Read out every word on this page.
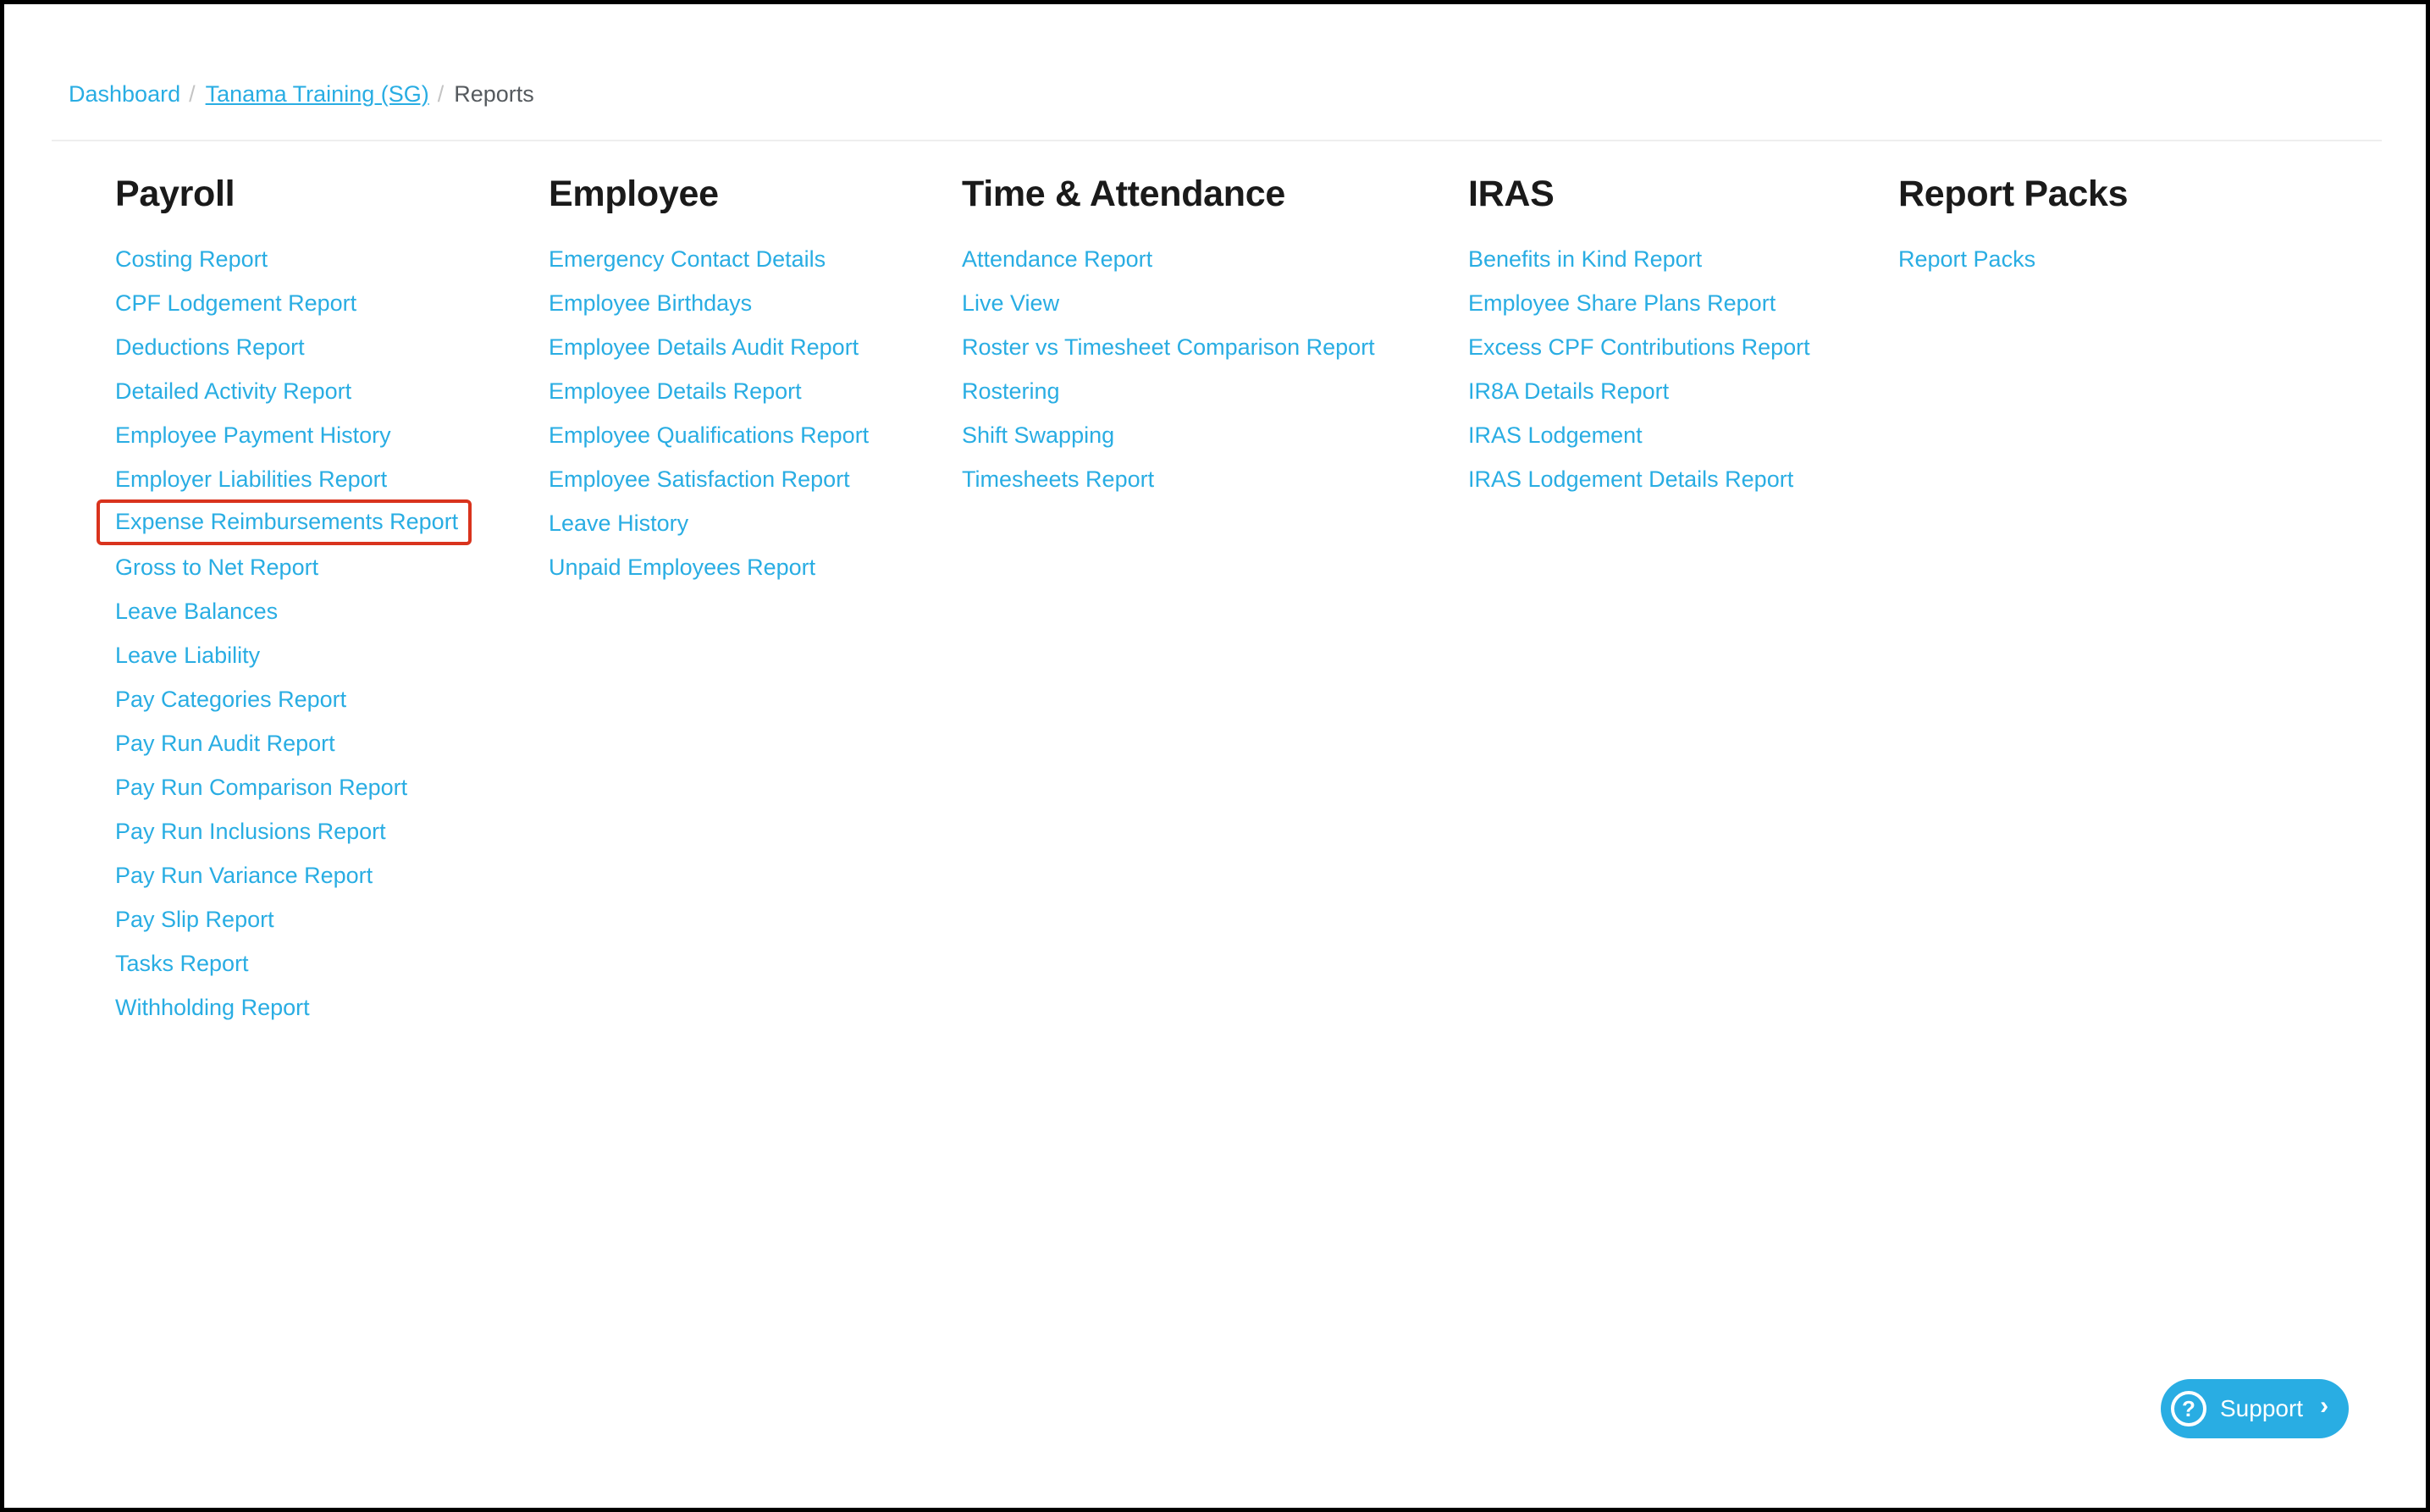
Dashboard / Tanama Training (SG) / Reports
Payroll
Costing Report
CPF Lodgement Report
Deductions Report
Detailed Activity Report
Employee Payment History
Employer Liabilities Report
Expense Reimbursements Report
Gross to Net Report
Leave Balances
Leave Liability
Pay Categories Report
Pay Run Audit Report
Pay Run Comparison Report
Pay Run Inclusions Report
Pay Run Variance Report
Pay Slip Report
Tasks Report
Withholding Report
Employee
Emergency Contact Details
Employee Birthdays
Employee Details Audit Report
Employee Details Report
Employee Qualifications Report
Employee Satisfaction Report
Leave History
Unpaid Employees Report
Time & Attendance
Attendance Report
Live View
Roster vs Timesheet Comparison Report
Rostering
Shift Swapping
Timesheets Report
IRAS
Benefits in Kind Report
Employee Share Plans Report
Excess CPF Contributions Report
IR8A Details Report
IRAS Lodgement
IRAS Lodgement Details Report
Report Packs
Report Packs
?	Support ›
